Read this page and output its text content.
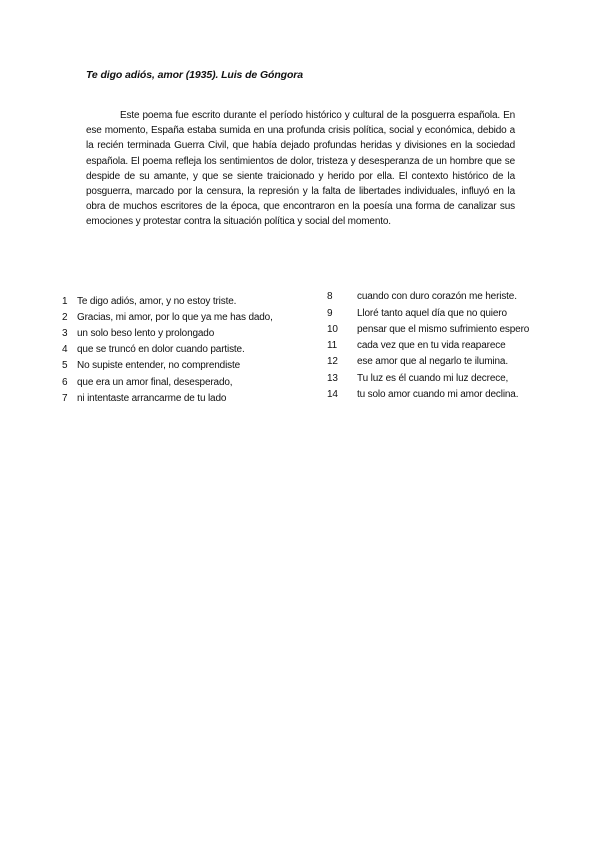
Te digo adiós, amor (1935). Luis de Góngora

Este poema fue escrito durante el período histórico y cultural de la posguerra española. En ese momento, España estaba sumida en una profunda crisis política, social y económica, debido a la recién terminada Guerra Civil, que había dejado profundas heridas y divisiones en la sociedad española. El poema refleja los sentimientos de dolor, tristeza y desesperanza de un hombre que se despide de su amante, y que se siente traicionado y herido por ella. El contexto histórico de la posguerra, marcado por la censura, la represión y la falta de libertades individuales, influyó en la obra de muchos escritores de la época, que encontraron en la poesía una forma de canalizar sus emociones y protestar contra la situación política y social del momento.

1 Te digo adiós, amor, y no estoy triste.
2 Gracias, mi amor, por lo que ya me has dado,
3 un solo beso lento y prolongado
4 que se truncó en dolor cuando partiste.
5 No supiste entender, no comprendiste
6 que era un amor final, desesperado,
7 ni intentaste arrancarme de tu lado
8	cuando con duro corazón me heriste.
9	Lloré tanto aquel día que no quiero
10	pensar que el mismo sufrimiento espero
11	cada vez que en tu vida reaparece
12	ese amor que al negarlo te ilumina.
13	Tu luz es él cuando mi luz decrece,
14	tu solo amor cuando mi amor declina.
